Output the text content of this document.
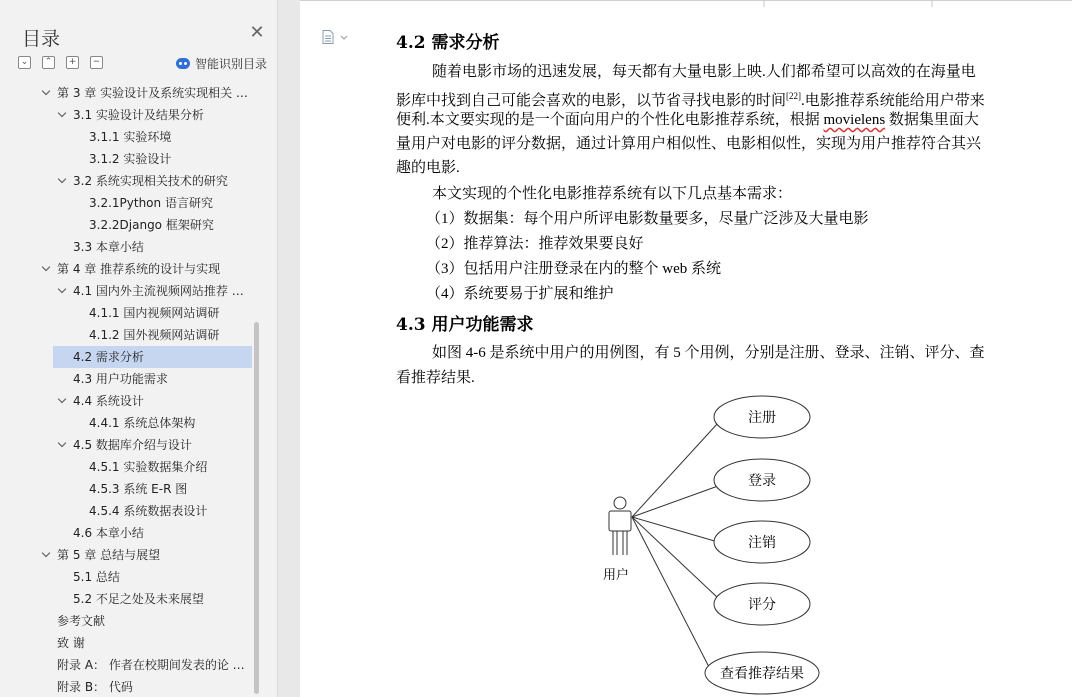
目录	✕
⌄	⌃	+	−	智能识别目录
第 3 章 实验设计及系统实现相关 …
3.1 实验设计及结果分析
3.1.1 实验环境
3.1.2 实验设计
3.2 系统实现相关技术的研究
3.2.1Python 语言研究
3.2.2Django 框架研究
3.3 本章小结
第 4 章 推荐系统的设计与实现
4.1 国内外主流视频网站推荐 …
4.1.1 国内视频网站调研
4.1.2 国外视频网站调研
4.2 需求分析
4.3 用户功能需求
4.4 系统设计
4.4.1 系统总体架构
4.5 数据库介绍与设计
4.5.1 实验数据集介绍
4.5.3 系统 E-R 图
4.5.4 系统数据表设计
4.6 本章小结
第 5 章 总结与展望
5.1 总结
5.2 不足之处及未来展望
参考文献
致 谢
附录 A： 作者在校期间发表的论 …
附录 B： 代码
4.2 需求分析
随着电影市场的迅速发展，每天都有大量电影上映.人们都希望可以高效的在海量电
影库中找到自己可能会喜欢的电影，以节省寻找电影的时间[22].电影推荐系统能给用户带来
便利.本文要实现的是一个面向用户的个性化电影推荐系统，根据 movielens 数据集里面大
量用户对电影的评分数据，通过计算用户相似性、电影相似性，实现为用户推荐符合其兴
趣的电影.
本文实现的个性化电影推荐系统有以下几点基本需求：
（1）数据集：每个用户所评电影数量要多，尽量广泛涉及大量电影
（2）推荐算法：推荐效果要良好
（3）包括用户注册登录在内的整个 web 系统
（4）系统要易于扩展和维护
4.3 用户功能需求
如图 4-6 是系统中用户的用例图，有 5 个用例，分别是注册、登录、注销、评分、查
看推荐结果.
用户
注册
登录
注销
评分
查看推荐结果
